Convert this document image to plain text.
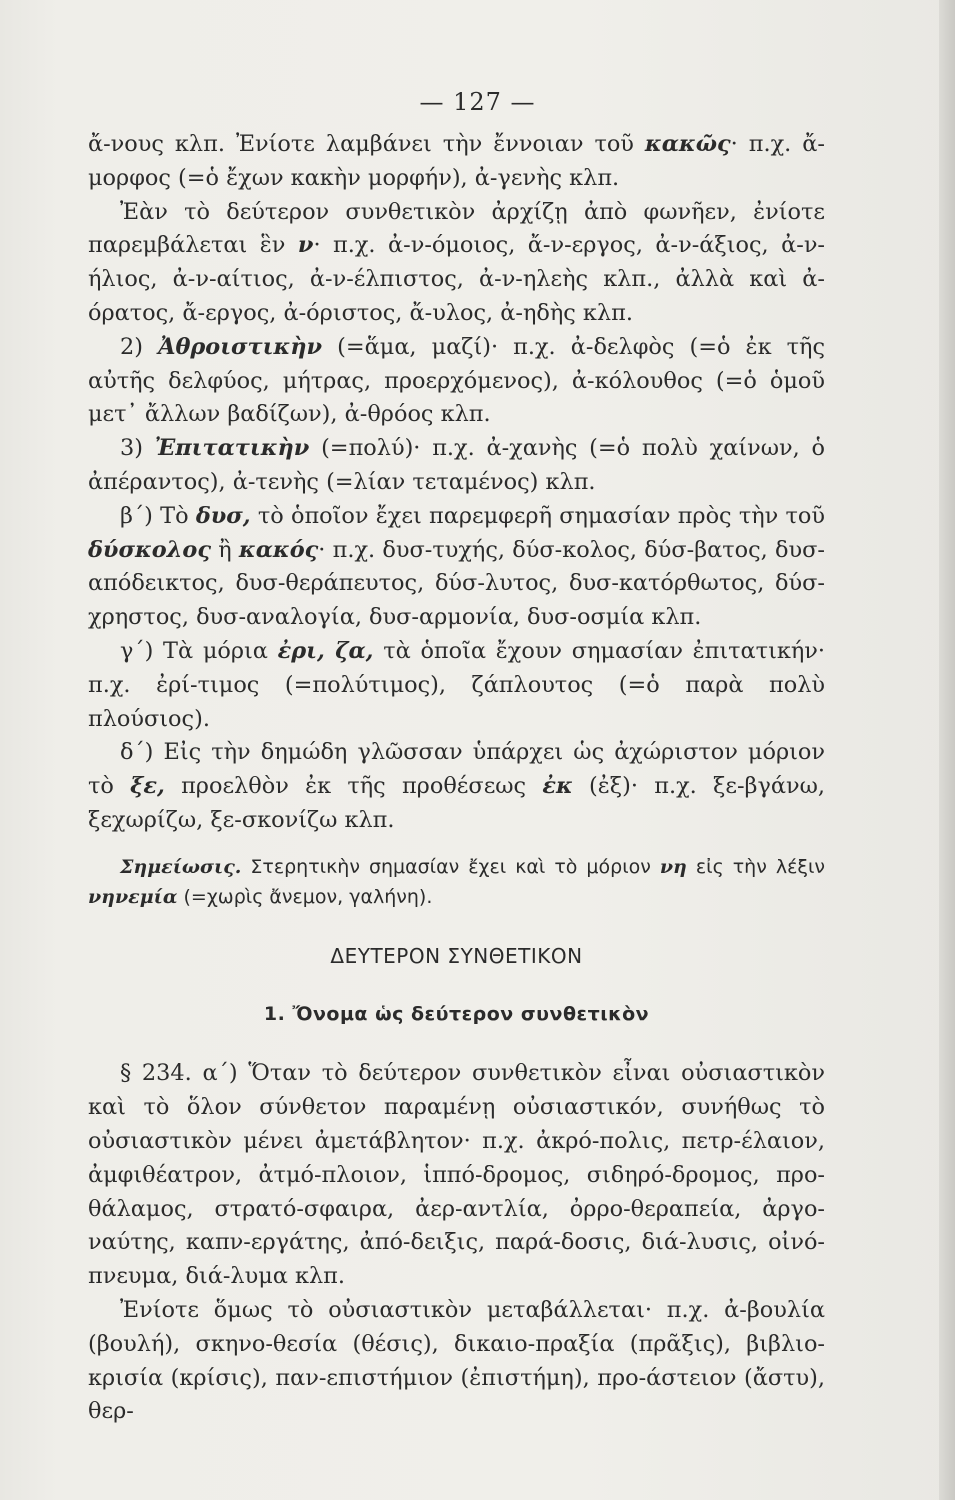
— 127 —

ἄ-νους κλπ. Ἐνίοτε λαμβάνει τὴν ἔννοιαν τοῦ κακῶς· π.χ. ἄ-μορφος (=ὁ ἔχων κακὴν μορφήν), ἀ-γενὴς κλπ.

Ἐὰν τὸ δεύτερον συνθετικὸν ἀρχίζῃ ἀπὸ φωνῆεν, ἐνίοτε παρεμβάλεται ἓν ν· π.χ. ἀ-ν-όμοιος, ἄ-ν-εργος, ἀ-ν-άξιος, ἀ-ν-ήλιος, ἀ-ν-αίτιος, ἀ-ν-έλπιστος, ἀ-ν-ηλεὴς κλπ., ἀλλὰ καὶ ἀ-όρατος, ἄ-εργος, ἀ-όριστος, ἄ-υλος, ἀ-ηδὴς κλπ.

2) Ἀθροιστικὴν (=ἅμα, μαζί)· π.χ. ἀ-δελφὸς (=ὁ ἐκ τῆς αὐτῆς δελφύος, μήτρας, προερχόμενος), ἀ-κόλουθος (=ὁ ὁμοῦ μετ᾽ ἄλλων βαδίζων), ἀ-θρόος κλπ.

3) Ἐπιτατικὴν (=πολύ)· π.χ. ἀ-χανὴς (=ὁ πολὺ χαίνων, ὁ ἀπέραντος), ἀ-τενὴς (=λίαν τεταμένος) κλπ.

β΄) Τὸ δυσ, τὸ ὁποῖον ἔχει παρεμφερῆ σημασίαν πρὸς τὴν τοῦ δύσκολος ἢ κακός· π.χ. δυσ-τυχής, δύσ-κολος, δύσ-βατος, δυσ-απόδεικτος, δυσ-θεράπευτος, δύσ-λυτος, δυσ-κατόρθωτος, δύσ-χρηστος, δυσ-αναλογία, δυσ-αρμονία, δυσ-οσμία κλπ.

γ΄) Τὰ μόρια ἐρι, ζα, τὰ ὁποῖα ἔχουν σημασίαν ἐπιτατικήν· π.χ. ἐρί-τιμος (=πολύτιμος), ζάπλουτος (=ὁ παρὰ πολὺ πλούσιος).

δ΄) Εἰς τὴν δημώδη γλῶσσαν ὑπάρχει ὡς ἀχώριστον μόριον τὸ ξε, προελθὸν ἐκ τῆς προθέσεως ἐκ (ἐξ)· π.χ. ξε-βγάνω, ξεχωρίζω, ξε-σκονίζω κλπ.

Σημείωσις. Στερητικὴν σημασίαν ἔχει καὶ τὸ μόριον νη εἰς τὴν λέξιν νηνεμία (=χωρὶς ἄνεμον, γαλήνη).

ΔΕΥΤΕΡΟΝ ΣΥΝΘΕΤΙΚΟΝ

1. Ὄνομα ὡς δεύτερον συνθετικὸν

§ 234. α΄) Ὅταν τὸ δεύτερον συνθετικὸν εἶναι οὐσιαστικὸν καὶ τὸ ὅλον σύνθετον παραμένῃ οὐσιαστικόν, συνήθως τὸ οὐσιαστικὸν μένει ἀμετάβλητον· π.χ. ἀκρό-πολις, πετρ-έλαιον, ἀμφιθέατρον, ἀτμό-πλοιον, ἱππό-δρομος, σιδηρό-δρομος, προ-θάλαμος, στρατό-σφαιρα, ἀερ-αντλία, ὀρρο-θεραπεία, ἀργο-ναύτης, καπν-εργάτης, ἀπό-δειξις, παρά-δοσις, διά-λυσις, οἰνό-πνευμα, διά-λυμα κλπ.

Ἐνίοτε ὅμως τὸ οὐσιαστικὸν μεταβάλλεται· π.χ. ἀ-βουλία (βουλή), σκηνο-θεσία (θέσις), δικαιο-πραξία (πρᾶξις), βιβλιο-κρισία (κρίσις), παν-επιστήμιον (ἐπιστήμη), προ-άστειον (ἄστυ), θερ-
